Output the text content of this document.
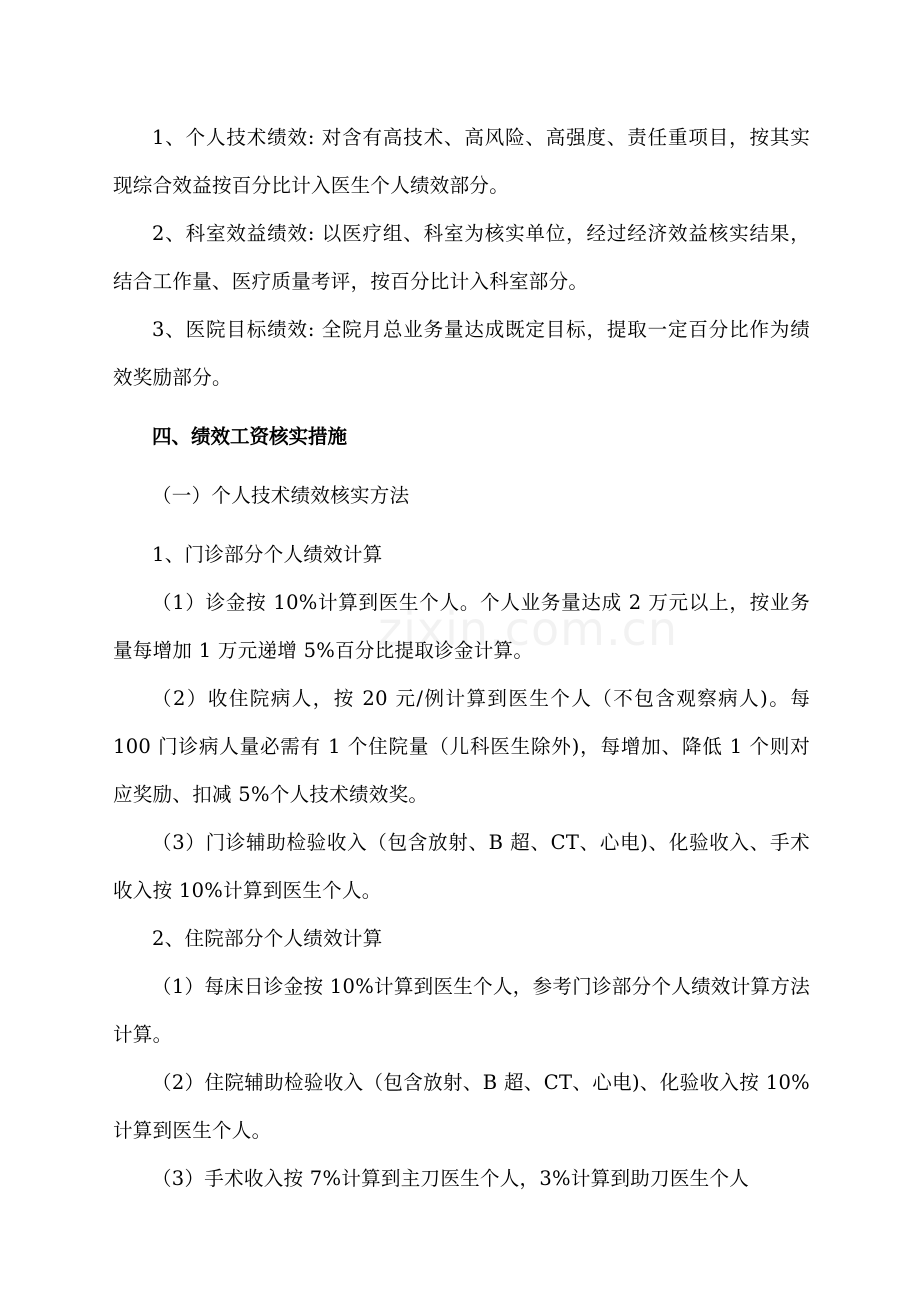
1、个人技术绩效: 对含有高技术、高风险、高强度、责任重项目，按其实现综合效益按百分比计入医生个人绩效部分。

2、科室效益绩效: 以医疗组、科室为核实单位，经过经济效益核实结果，结合工作量、医疗质量考评，按百分比计入科室部分。

3、医院目标绩效: 全院月总业务量达成既定目标，提取一定百分比作为绩效奖励部分。

四、绩效工资核实措施

（一）个人技术绩效核实方法

1、门诊部分个人绩效计算

（1）诊金按 10%计算到医生个人。个人业务量达成 2 万元以上，按业务量每增加 1 万元递增 5%百分比提取诊金计算。

（2）收住院病人，按 20 元/例计算到医生个人（不包含观察病人)。每 100 门诊病人量必需有 1 个住院量（儿科医生除外)，每增加、降低 1 个则对应奖励、扣减 5%个人技术绩效奖。

（3）门诊辅助检验收入（包含放射、B 超、CT、心电)、化验收入、手术收入按 10%计算到医生个人。

2、住院部分个人绩效计算

（1）每床日诊金按 10%计算到医生个人，参考门诊部分个人绩效计算方法计算。

（2）住院辅助检验收入（包含放射、B 超、CT、心电)、化验收入按 10%计算到医生个人。

（3）手术收入按 7%计算到主刀医生个人，3%计算到助刀医生个人

zixin.com.cn
